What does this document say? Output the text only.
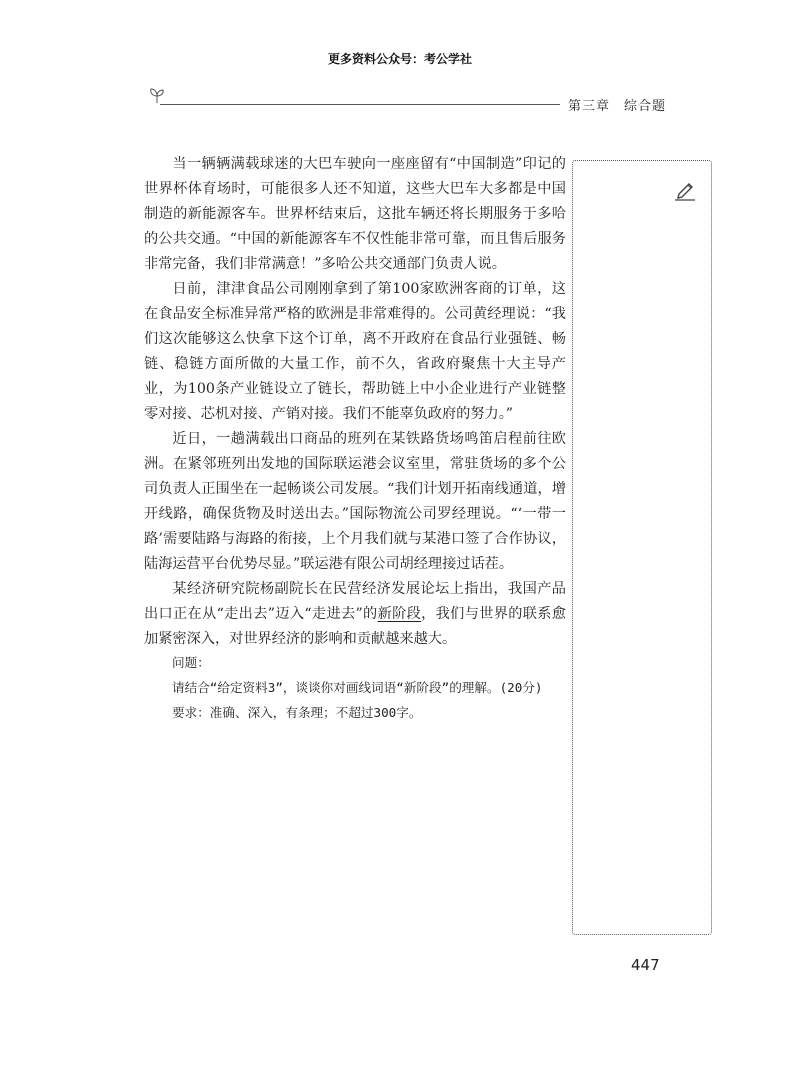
更多资料公众号：考公学社
第三章 综合题

当一辆辆满载球迷的大巴车驶向一座座留有“中国制造”印记的世界杯体育场时，可能很多人还不知道，这些大巴车大多都是中国制造的新能源客车。世界杯结束后，这批车辆还将长期服务于多哈的公共交通。“中国的新能源客车不仅性能非常可靠，而且售后服务非常完备，我们非常满意！”多哈公共交通部门负责人说。

日前，津津食品公司刚刚拿到了第100家欧洲客商的订单，这在食品安全标准异常严格的欧洲是非常难得的。公司黄经理说：“我们这次能够这么快拿下这个订单，离不开政府在食品行业强链、畅链、稳链方面所做的大量工作，前不久，省政府聚焦十大主导产业，为100条产业链设立了链长，帮助链上中小企业进行产业链整零对接、芯机对接、产销对接。我们不能辜负政府的努力。”

近日，一趟满载出口商品的班列在某铁路货场鸣笛启程前往欧洲。在紧邻班列出发地的国际联运港会议室里，常驻货场的多个公司负责人正围坐在一起畅谈公司发展。“我们计划开拓南线通道，增开线路，确保货物及时送出去。”国际物流公司罗经理说。“‘一带一路’需要陆路与海路的衔接，上个月我们就与某港口签了合作协议，陆海运营平台优势尽显。”联运港有限公司胡经理接过话茬。

某经济研究院杨副院长在民营经济发展论坛上指出，我国产品出口正在从“走出去”迈入“走进去”的新阶段，我们与世界的联系愈加紧密深入，对世界经济的影响和贡献越来越大。

问题：
请结合“给定资料3”，谈谈你对画线词语“新阶段”的理解。(20分)
要求：准确、深入，有条理；不超过300字。
447
